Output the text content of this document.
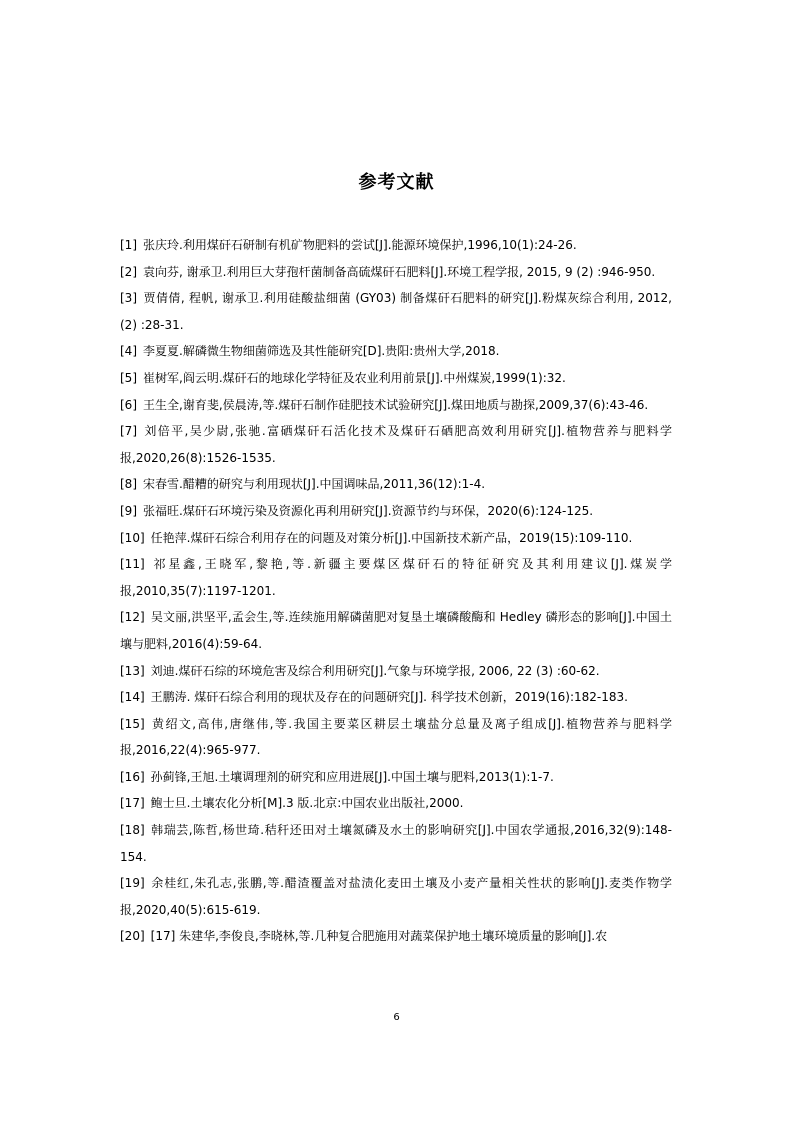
参考文献

[1] 张庆玲.利用煤矸石研制有机矿物肥料的尝试[J].能源环境保护,1996,10(1):24-26.

[2] 袁向芬, 谢承卫.利用巨大芽孢杆菌制备高硫煤矸石肥料[J].环境工程学报, 2015, 9 (2) :946-950.

[3] 贾倩倩, 程帆, 谢承卫.利用硅酸盐细菌 (GY03) 制备煤矸石肥料的研究[J].粉煤灰综合利用, 2012, (2) :28-31.

[4] 李夏夏.解磷微生物细菌筛选及其性能研究[D].贵阳:贵州大学,2018.

[5] 崔树军,阎云明.煤矸石的地球化学特征及农业利用前景[J].中州煤炭,1999(1):32.

[6] 王生全,谢育斐,侯晨涛,等.煤矸石制作硅肥技术试验研究[J].煤田地质与勘探,2009,37(6):43-46.

[7] 刘倍平,吴少尉,张驰.富硒煤矸石活化技术及煤矸石硒肥高效利用研究[J].植物营养与肥料学报,2020,26(8):1526-1535.

[8] 宋春雪.醋糟的研究与利用现状[J].中国调味品,2011,36(12):1-4.

[9] 张福旺.煤矸石环境污染及资源化再利用研究[J].资源节约与环保，2020(6):124-125.

[10] 任艳萍.煤矸石综合利用存在的问题及对策分析[J].中国新技术新产品，2019(15):109-110.

[11] 祁星鑫,王晓军,黎艳,等.新疆主要煤区煤矸石的特征研究及其利用建议[J].煤炭学报,2010,35(7):1197-1201.

[12] 吴文丽,洪坚平,孟会生,等.连续施用解磷菌肥对复垦土壤磷酸酶和 Hedley 磷形态的影响[J].中国土壤与肥料,2016(4):59-64.

[13] 刘迪.煤矸石综的环境危害及综合利用研究[J].气象与环境学报, 2006, 22 (3) :60-62.

[14] 王鹏涛. 煤矸石综合利用的现状及存在的问题研究[J]. 科学技术创新，2019(16):182-183.

[15] 黄绍文,高伟,唐继伟,等.我国主要菜区耕层土壤盐分总量及离子组成[J].植物营养与肥料学报,2016,22(4):965-977.

[16] 孙蓟锋,王旭.土壤调理剂的研究和应用进展[J].中国土壤与肥料,2013(1):1-7.

[17] 鲍士旦.土壤农化分析[M].3 版.北京:中国农业出版社,2000.

[18] 韩瑞芸,陈哲,杨世琦.秸秆还田对土壤氮磷及水土的影响研究[J].中国农学通报,2016,32(9):148-154.

[19] 余桂红,朱孔志,张鹏,等.醋渣覆盖对盐渍化麦田土壤及小麦产量相关性状的影响[J].麦类作物学报,2020,40(5):615-619.

[20] [17] 朱建华,李俊良,李晓林,等.几种复合肥施用对蔬菜保护地土壤环境质量的影响[J].农

6
